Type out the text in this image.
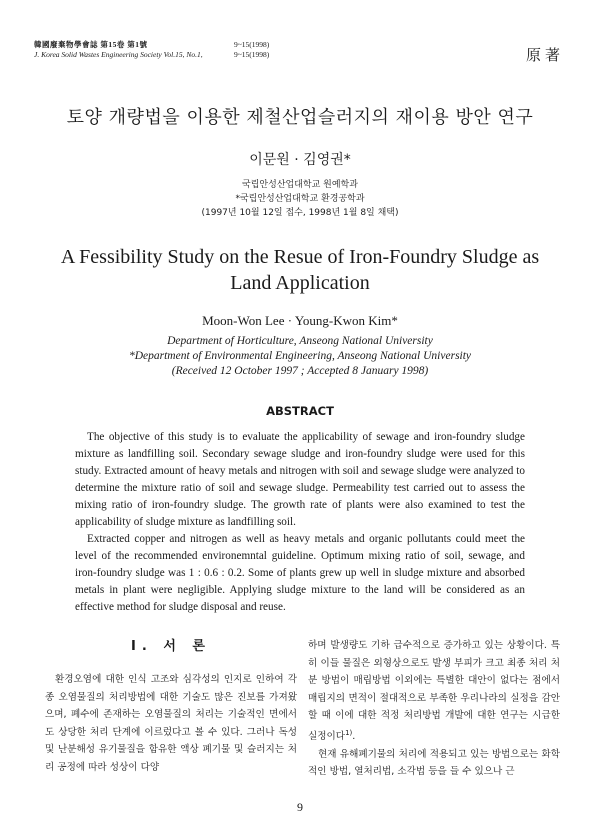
韓國廢棄物學會誌 第15卷 第1號	9~15(1998)
J. Korea Solid Wastes Engineering Society Vol.15, No.1,	9~15(1998)	原著
토양 개량법을 이용한 제철산업슬러지의 재이용 방안 연구
이문원 · 김영권*
국립안성산업대학교 원예학과
*국립안성산업대학교 환경공학과
(1997년 10월 12일 접수, 1998년 1월 8일 채택)
A Fessibility Study on the Resue of Iron-Foundry Sludge as Land Application
Moon-Won Lee · Young-Kwon Kim*
Department of Horticulture, Anseong National University
*Department of Environmental Engineering, Anseong National University
(Received 12 October 1997 ; Accepted 8 January 1998)
ABSTRACT

The objective of this study is to evaluate the applicability of sewage and iron-foundry sludge mixture as landfilling soil. Secondary sewage sludge and iron-foundry sludge were used for this study. Extracted amount of heavy metals and nitrogen with soil and sewage sludge were analyzed to determine the mixture ratio of soil and sewage sludge. Permeability test carried out to assess the mixing ratio of iron-foundry sludge. The growth rate of plants were also examined to test the applicability of sludge mixture as landfilling soil.

Extracted copper and nitrogen as well as heavy metals and organic pollutants could meet the level of the recommended environemntal guideline. Optimum mixing ratio of soil, sewage, and iron-foundry sludge was 1 : 0.6 : 0.2. Some of plants grew up well in sludge mixture and absorbed metals in plant were negligible. Applying sludge mixture to the land will be considered as an effective method for sludge disposal and reuse.

Ⅰ. 서 론

환경오염에 대한 인식 고조와 심각성의 인지로 인하여 각종 오염물질의 처리방법에 대한 기술도 많은 진보를 가져왔으며, 폐수에 존재하는 오염물질의 처리는 기술적인 면에서도 상당한 처리 단계에 이르렀다고 볼 수 있다. 그러나 독성 및 난분해성 유기물질을 함유한 액상 폐기물 및 슬러지는 처리 공정에 따라 성상이 다양

하며 발생량도 기하 급수적으로 증가하고 있는 상황이다. 특히 이들 물질은 외형상으로도 발생 부피가 크고 최종 처리 처분 방법이 매립방법 이외에는 특별한 대안이 없다는 점에서 매립지의 면적이 절대적으로 부족한 우리나라의 실정을 감안할 때 이에 대한 적정 처리방법 개발에 대한 연구는 시급한 실정이다$^{1)}$.

현재 유해폐기물의 처리에 적용되고 있는 방법으로는 화학적인 방법, 열처리법, 소각법 등을 들 수 있으나 근

9
